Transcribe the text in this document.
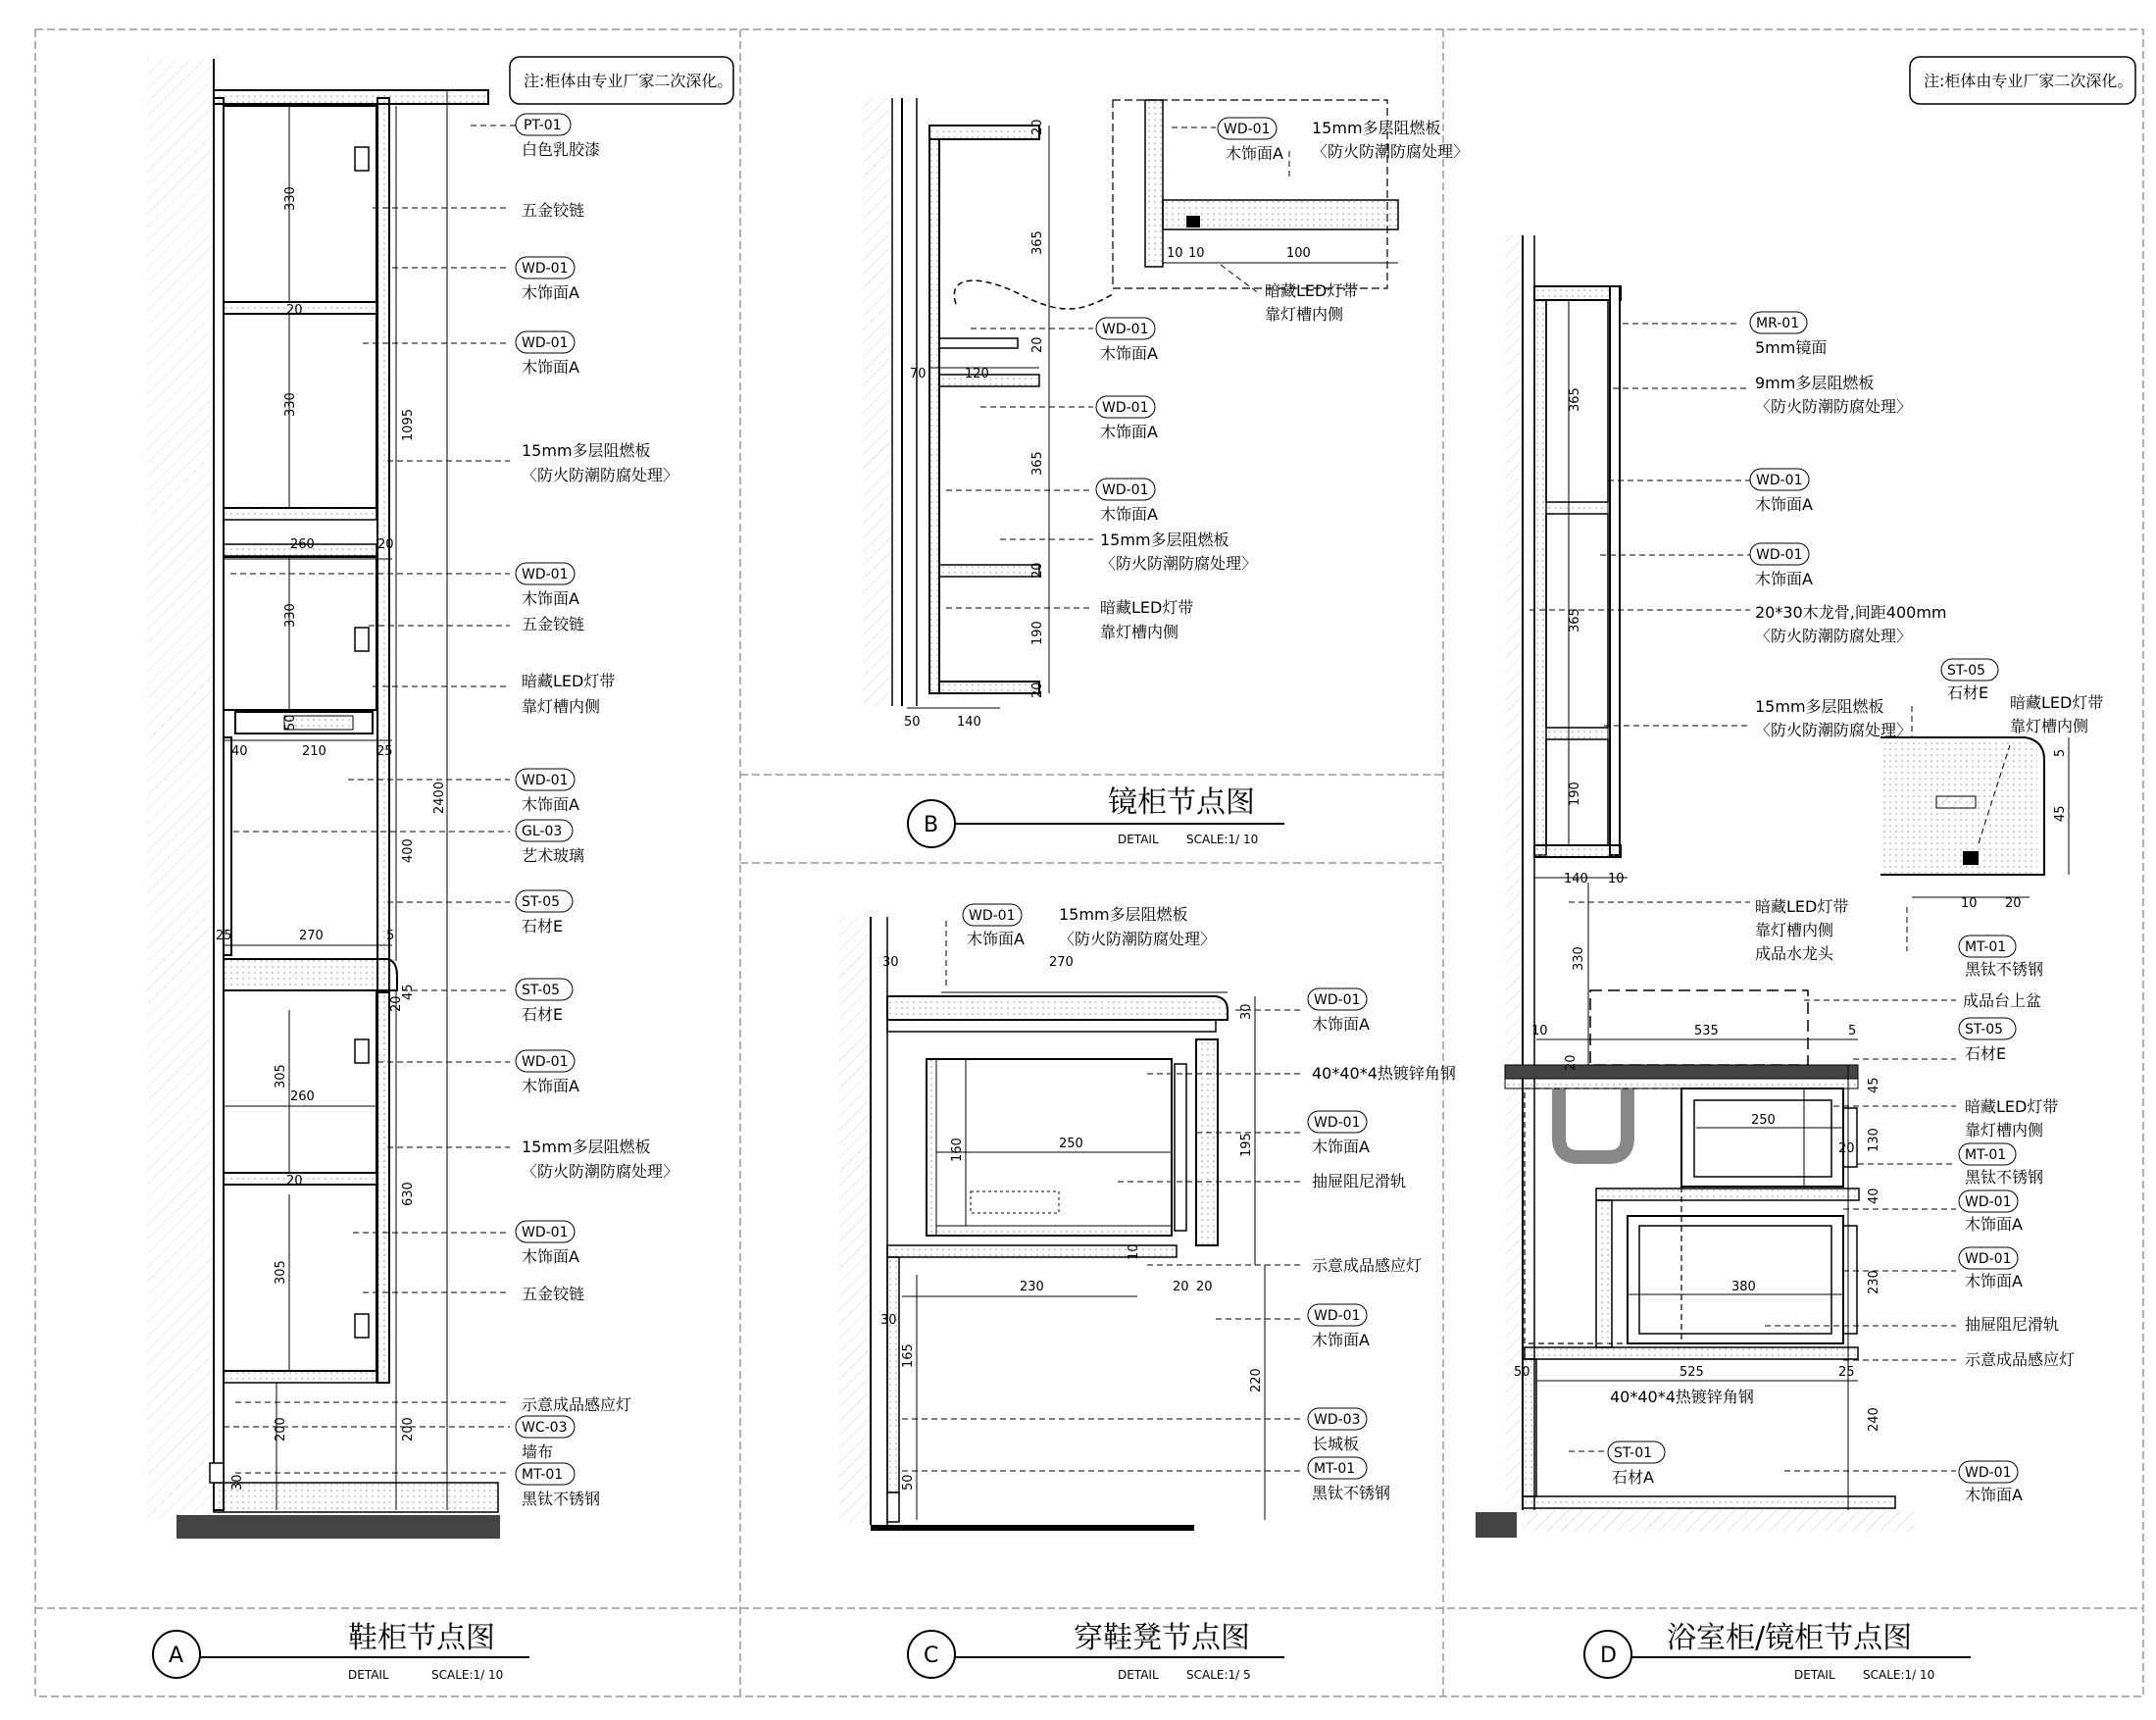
330
330
330
20
20
1095
260	20
50
40	210	25
2400
400
270	5
25
45
20
305
260
630
305
200	200
30
注:柜体由专业厂家二次深化。
PT-01
白色乳胶漆
五金铰链
WD-01
木饰面A
WD-01
木饰面A
15mm多层阻燃板
〈防火防潮防腐处理〉
WD-01
木饰面A
五金铰链
暗藏LED灯带
靠灯槽内侧
WD-01
木饰面A
GL-03
艺术玻璃
ST-05
石材E
ST-05
石材E
WD-01
木饰面A
15mm多层阻燃板
〈防火防潮防腐处理〉
WD-01
木饰面A
五金铰链
示意成品感应灯
WC-03
墙布
MT-01
黑钛不锈钢
A
鞋柜节点图
DETAIL	SCALE:1/ 10
20
365
20
70	120
365
20
190
20
50	140
10 10	100
WD-01
木饰面A
15mm多层阻燃板
〈防火防潮防腐处理〉
暗藏LED灯带
靠灯槽内侧
WD-01
木饰面A
WD-01
木饰面A
WD-01
木饰面A
15mm多层阻燃板
〈防火防潮防腐处理〉
暗藏LED灯带
靠灯槽内侧
B
镜柜节点图
DETAIL SCALE:1/ 10
30	270
30
160	250	195
10
230	20 20
30
165
220
50
WD-01
木饰面A
15mm多层阻燃板
〈防火防潮防腐处理〉
WD-01
木饰面A
40*40*4热镀锌角钢
WD-01
木饰面A
抽屉阻尼滑轨
示意成品感应灯
WD-01
木饰面A
WD-03
长城板
MT-01
黑钛不锈钢
C
穿鞋凳节点图
DETAIL SCALE:1/ 5
365
365
190
140 10
330
10	535	5
20
45
250
130
20
40
380	230
50	525	25
240
5
45
10 20
注:柜体由专业厂家二次深化。
MR-01
5mm镜面
9mm多层阻燃板
〈防火防潮防腐处理〉
WD-01
木饰面A
WD-01
木饰面A
20*30木龙骨,间距400mm
〈防火防潮防腐处理〉
15mm多层阻燃板
〈防火防潮防腐处理〉
暗藏LED灯带
靠灯槽内侧
成品水龙头
成品台上盆
ST-05
石材E
暗藏LED灯带
靠灯槽内侧
MT-01
黑钛不锈钢
WD-01
木饰面A
WD-01
木饰面A
抽屉阻尼滑轨
示意成品感应灯
40*40*4热镀锌角钢
ST-01
石材A	WD-01
木饰面A
ST-05
石材E
暗藏LED灯带
靠灯槽内侧
MT-01
黑钛不锈钢
D
浴室柜/镜柜节点图
DETAIL SCALE:1/ 10
